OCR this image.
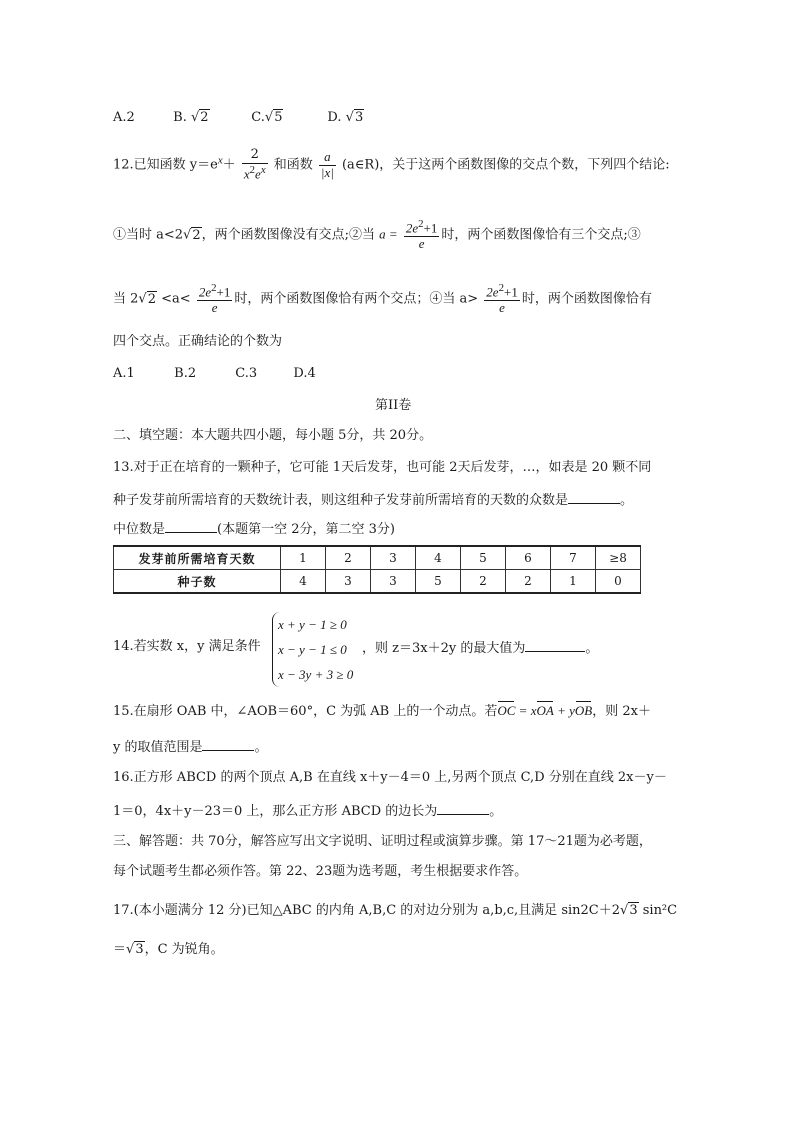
A.2	B. √2	C.√5	D. √3
12.已知函数 $y=e^x+ \frac{2}{x^2e^x}$ 和函数 $\frac{a}{|x|}$ (a∈R)，关于这两个函数图像的交点个数，下列四个结论:
①当时 a<2√2，两个函数图像没有交点;②当 $a = \frac{2e^2+1}{e}$ 时，两个函数图像恰有三个交点;③
当 $2√2 <a< \frac{2e^2+1}{e}$ 时，两个函数图像恰有两个交点；④当 $a> \frac{2e^2+1}{e}$ 时，两个函数图像恰有
四个交点。正确结论的个数为
A.1	B.2	C.3	D.4
第II卷
二、填空题：本大题共四小题，每小题 5分，共 20分。
13.对于正在培育的一颗种子，它可能 1天后发芽，也可能 2天后发芽，…，如表是 20 颗不同
种子发芽前所需培育的天数统计表，则这组种子发芽前所需培育的天数的众数是	。
中位数是	(本题第一空 2分，第二空 3分)
发芽前所需培育天数	1	2	3	4	5	6	7	≥8
种子数	4	3	3	5	2	2	1	0
14.若实数 x，y 满足条件
x + y − 1 ≥ 0
x − y − 1 ≤ 0
x − 3y + 3 ≥ 0
，则 z＝3x＋2y 的最大值为	。
15.在扇形 OAB 中，∠AOB＝60°，C 为弧 AB 上的一个动点。若OC = xOA + yOB，则 2x＋
y 的取值范围是	。
16.正方形 ABCD 的两个顶点 A,B 在直线 x＋y－4＝0 上,另两个顶点 C,D 分别在直线 2x－y－
1＝0，4x＋y－23＝0 上，那么正方形 ABCD 的边长为	。
三、解答题：共 70分，解答应写出文字说明、证明过程或演算步骤。第 17～21题为必考题，
每个试题考生都必须作答。第 22、23题为选考题，考生根据要求作答。
17.(本小题满分 12 分)已知△ABC 的内角 A,B,C 的对边分别为 a,b,c,且满足 sin2C＋2√3 sin²C
＝√3，C 为锐角。
